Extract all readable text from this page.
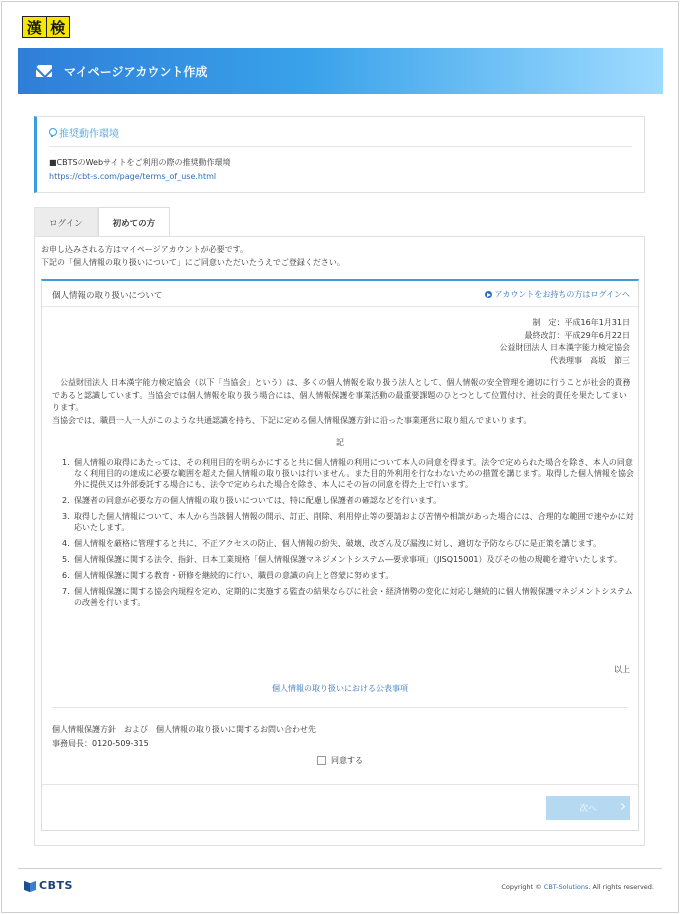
漢 検
マイページアカウント作成
推奨動作環境
■CBTSのWebサイトをご利用の際の推奨動作環境
https://cbt-s.com/page/terms_of_use.html
ログイン	初めての方
お申し込みされる方はマイページアカウントが必要です。
下記の「個人情報の取り扱いについて」にご同意いただいたうえでご登録ください。
個人情報の取り扱いについて	アカウントをお持ちの方はログインへ
制　定：平成16年1月31日
最終改訂：平成29年6月22日
公益財団法人 日本漢字能力検定協会
代表理事　高坂　節三

公益財団法人 日本漢字能力検定協会（以下「当協会」という）は、多くの個人情報を取り扱う法人として、個人情報の安全管理を適切に行うことが社会的責務であると認識しています。当協会では個人情報を取り扱う場合には、個人情報保護を事業活動の最重要課題のひとつとして位置付け、社会的責任を果たしてまいります。

当協会では、職員一人一人がこのような共通認識を持ち、下記に定める個人情報保護方針に沿った事業運営に取り組んでまいります。

記
1. 個人情報の取得にあたっては、その利用目的を明らかにすると共に個人情報の利用について本人の同意を得ます。法令で定められた場合を除き、本人の同意なく利用目的の達成に必要な範囲を超えた個人情報の取り扱いは行いません。また目的外利用を行なわないための措置を講じます。取得した個人情報を協会外に提供又は外部委託する場合にも、法令で定められた場合を除き、本人にその旨の同意を得た上で行います。
2. 保護者の同意が必要な方の個人情報の取り扱いについては、特に配慮し保護者の確認などを行います。
3. 取得した個人情報について、本人から当該個人情報の開示、訂正、削除、利用停止等の要請および苦情や相談があった場合には、合理的な範囲で速やかに対応いたします。
4. 個人情報を厳格に管理すると共に、不正アクセスの防止、個人情報の紛失、破壊、改ざん及び漏洩に対し、適切な予防ならびに是正策を講じます。
5. 個人情報保護に関する法令、指針、日本工業規格「個人情報保護マネジメントシステム―要求事項」（JISQ15001）及びその他の規範を遵守いたします。
6. 個人情報保護に関する教育・研修を継続的に行い、職員の意識の向上と啓蒙に努めます。
7. 個人情報保護に関する協会内規程を定め、定期的に実施する監査の結果ならびに社会・経済情勢の変化に対応し継続的に個人情報保護マネジメントシステムの改善を行います。
以上
個人情報の取り扱いにおける公表事項
個人情報保護方針　および　個人情報の取り扱いに関するお問い合わせ先
事務局長：0120-509-315
同意する
次へ
CBTS	Copyright © CBT-Solutions. All rights reserved.
